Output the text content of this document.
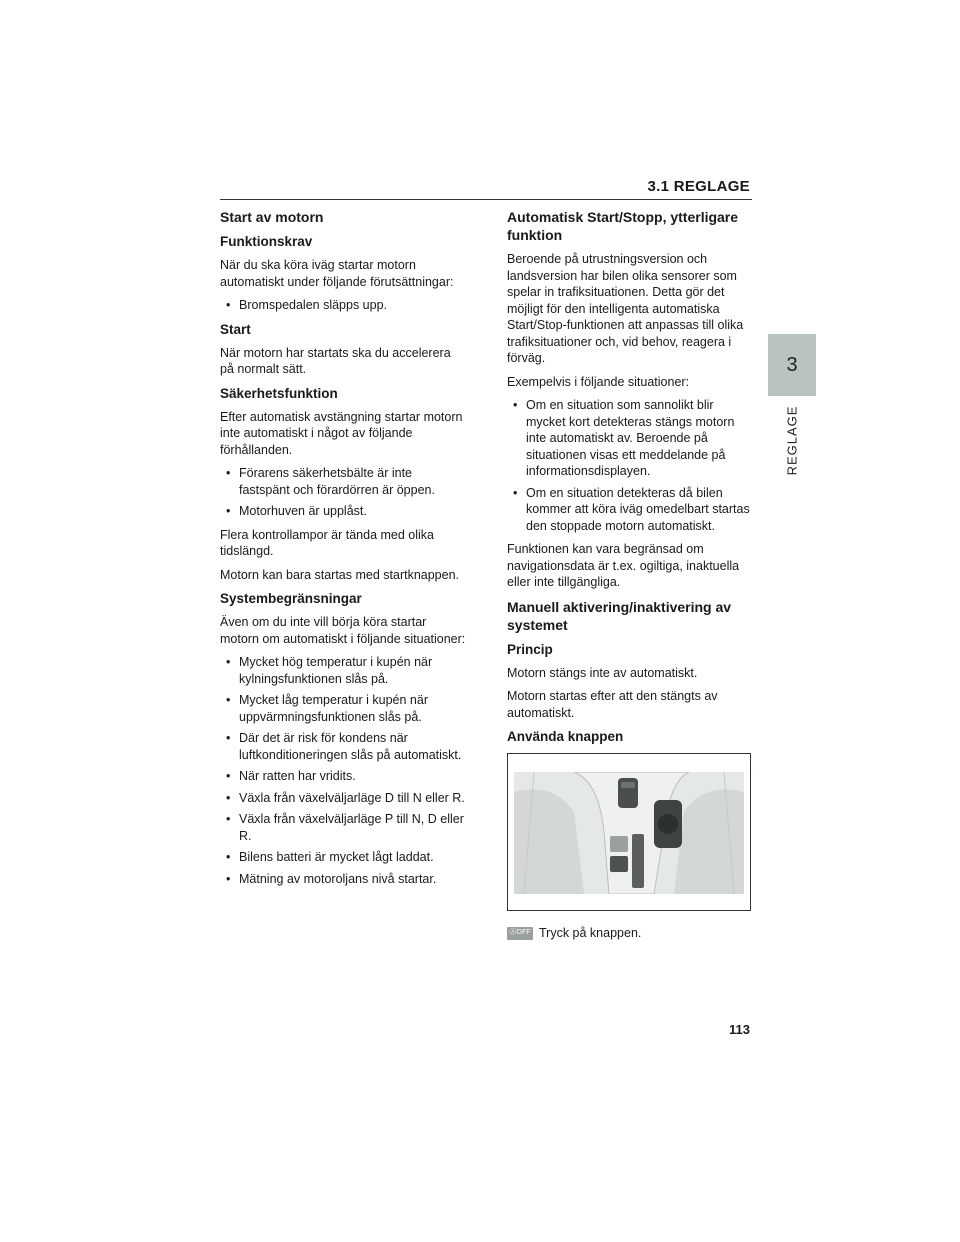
3.1 REGLAGE
3
REGLAGE
Start av motorn
Funktionskrav

När du ska köra iväg startar motorn automatiskt under följande förutsättningar:

• Bromspedalen släpps upp.
Start

När motorn har startats ska du accelerera på normalt sätt.

Säkerhetsfunktion

Efter automatisk avstängning startar motorn inte automatiskt i något av följande förhållanden.

• Förarens säkerhetsbälte är inte fastspänt och förardörren är öppen.
• Motorhuven är upplåst.

Flera kontrollampor är tända med olika tidslängd.

Motorn kan bara startas med startknappen.

Systembegränsningar

Även om du inte vill börja köra startar motorn om automatiskt i följande situationer:

• Mycket hög temperatur i kupén när kylningsfunktionen slås på.
• Mycket låg temperatur i kupén när uppvärmningsfunktionen slås på.
• Där det är risk för kondens när luftkonditioneringen slås på automatiskt.
• När ratten har vridits.
• Växla från växelväljarläge D till N eller R.
• Växla från växelväljarläge P till N, D eller R.
• Bilens batteri är mycket lågt laddat.
• Mätning av motoroljans nivå startar.
Automatisk Start/Stopp, ytterligare funktion

Beroende på utrustningsversion och landsversion har bilen olika sensorer som spelar in trafiksituationen. Detta gör det möjligt för den intelligenta automatiska Start/Stop-funktionen att anpassas till olika trafiksituationer och, vid behov, reagera i förväg.

Exempelvis i följande situationer:

• Om en situation som sannolikt blir mycket kort detekteras stängs motorn inte automatiskt av. Beroende på situationen visas ett meddelande på informationsdisplayen.
• Om en situation detekteras då bilen kommer att köra iväg omedelbart startas den stoppade motorn automatiskt.

Funktionen kan vara begränsad om navigationsdata är t.ex. ogiltiga, inaktuella eller inte tillgängliga.

Manuell aktivering/inaktivering av systemet
Princip

Motorn stängs inte av automatiskt.

Motorn startas efter att den stängts av automatiskt.

Använda knappen
ⒶOFF Tryck på knappen.
113
